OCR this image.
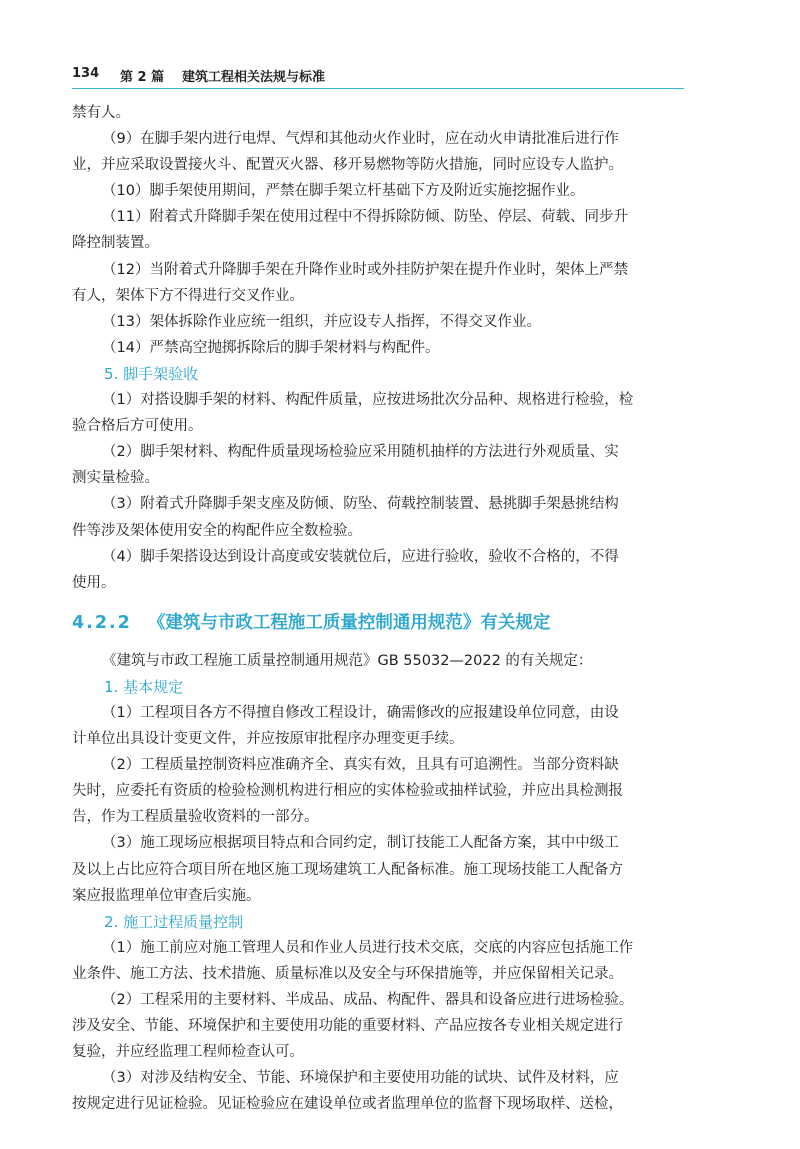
134 第 2 篇 建筑工程相关法规与标准
禁有人。
（9）在脚手架内进行电焊、气焊和其他动火作业时，应在动火申请批准后进行作
业，并应采取设置接火斗、配置灭火器、移开易燃物等防火措施，同时应设专人监护。
（10）脚手架使用期间，严禁在脚手架立杆基础下方及附近实施挖掘作业。
（11）附着式升降脚手架在使用过程中不得拆除防倾、防坠、停层、荷载、同步升
降控制装置。
（12）当附着式升降脚手架在升降作业时或外挂防护架在提升作业时，架体上严禁
有人，架体下方不得进行交叉作业。
（13）架体拆除作业应统一组织，并应设专人指挥，不得交叉作业。
（14）严禁高空抛掷拆除后的脚手架材料与构配件。
5. 脚手架验收
（1）对搭设脚手架的材料、构配件质量，应按进场批次分品种、规格进行检验，检
验合格后方可使用。
（2）脚手架材料、构配件质量现场检验应采用随机抽样的方法进行外观质量、实
测实量检验。
（3）附着式升降脚手架支座及防倾、防坠、荷载控制装置、悬挑脚手架悬挑结构
件等涉及架体使用安全的构配件应全数检验。
（4）脚手架搭设达到设计高度或安装就位后，应进行验收，验收不合格的，不得
使用。
4.2.2 《建筑与市政工程施工质量控制通用规范》有关规定
《建筑与市政工程施工质量控制通用规范》GB 55032—2022 的有关规定：
1. 基本规定
（1）工程项目各方不得擅自修改工程设计，确需修改的应报建设单位同意，由设
计单位出具设计变更文件，并应按原审批程序办理变更手续。
（2）工程质量控制资料应准确齐全、真实有效，且具有可追溯性。当部分资料缺
失时，应委托有资质的检验检测机构进行相应的实体检验或抽样试验，并应出具检测报
告，作为工程质量验收资料的一部分。
（3）施工现场应根据项目特点和合同约定，制订技能工人配备方案，其中中级工
及以上占比应符合项目所在地区施工现场建筑工人配备标准。施工现场技能工人配备方
案应报监理单位审查后实施。
2. 施工过程质量控制
（1）施工前应对施工管理人员和作业人员进行技术交底，交底的内容应包括施工作
业条件、施工方法、技术措施、质量标准以及安全与环保措施等，并应保留相关记录。
（2）工程采用的主要材料、半成品、成品、构配件、器具和设备应进行进场检验。
涉及安全、节能、环境保护和主要使用功能的重要材料、产品应按各专业相关规定进行
复验，并应经监理工程师检查认可。
（3）对涉及结构安全、节能、环境保护和主要使用功能的试块、试件及材料，应
按规定进行见证检验。见证检验应在建设单位或者监理单位的监督下现场取样、送检，
